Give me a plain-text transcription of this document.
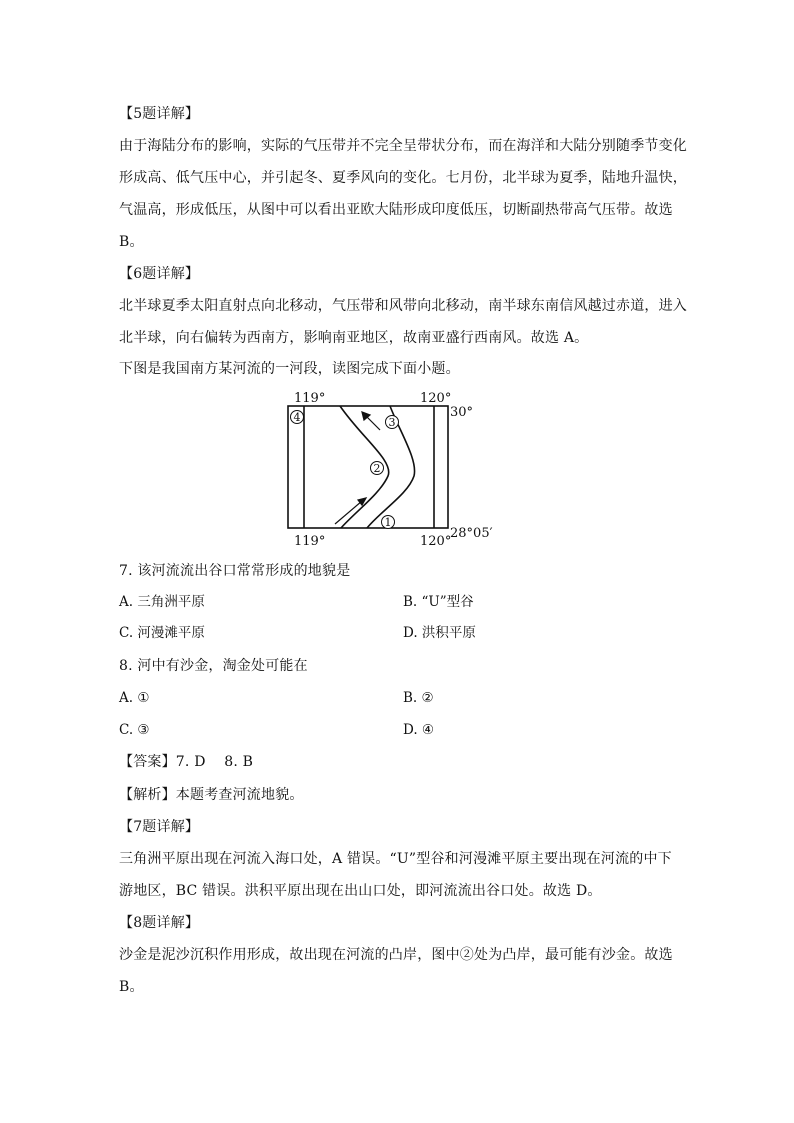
【5题详解】
由于海陆分布的影响，实际的气压带并不完全呈带状分布，而在海洋和大陆分别随季节变化
形成高、低气压中心，并引起冬、夏季风向的变化。七月份，北半球为夏季，陆地升温快，
气温高，形成低压，从图中可以看出亚欧大陆形成印度低压，切断副热带高气压带。故选
B。
【6题详解】
北半球夏季太阳直射点向北移动，气压带和风带向北移动，南半球东南信风越过赤道，进入
北半球，向右偏转为西南方，影响南亚地区，故南亚盛行西南风。故选 A。
下图是我国南方某河流的一河段，读图完成下面小题。
4	3
2
1
119°	120°
30°
119°	120°
28°05′
7. 该河流流出谷口常常形成的地貌是
A. 三角洲平原	B. “U”型谷
C. 河漫滩平原	D. 洪积平原
8. 河中有沙金，淘金处可能在
A. ①	B. ②
C. ③	D. ④
【答案】7. D    8. B
【解析】本题考查河流地貌。
【7题详解】
三角洲平原出现在河流入海口处，A 错误。“U”型谷和河漫滩平原主要出现在河流的中下
游地区，BC 错误。洪积平原出现在出山口处，即河流流出谷口处。故选 D。
【8题详解】
沙金是泥沙沉积作用形成，故出现在河流的凸岸，图中②处为凸岸，最可能有沙金。故选
B。
